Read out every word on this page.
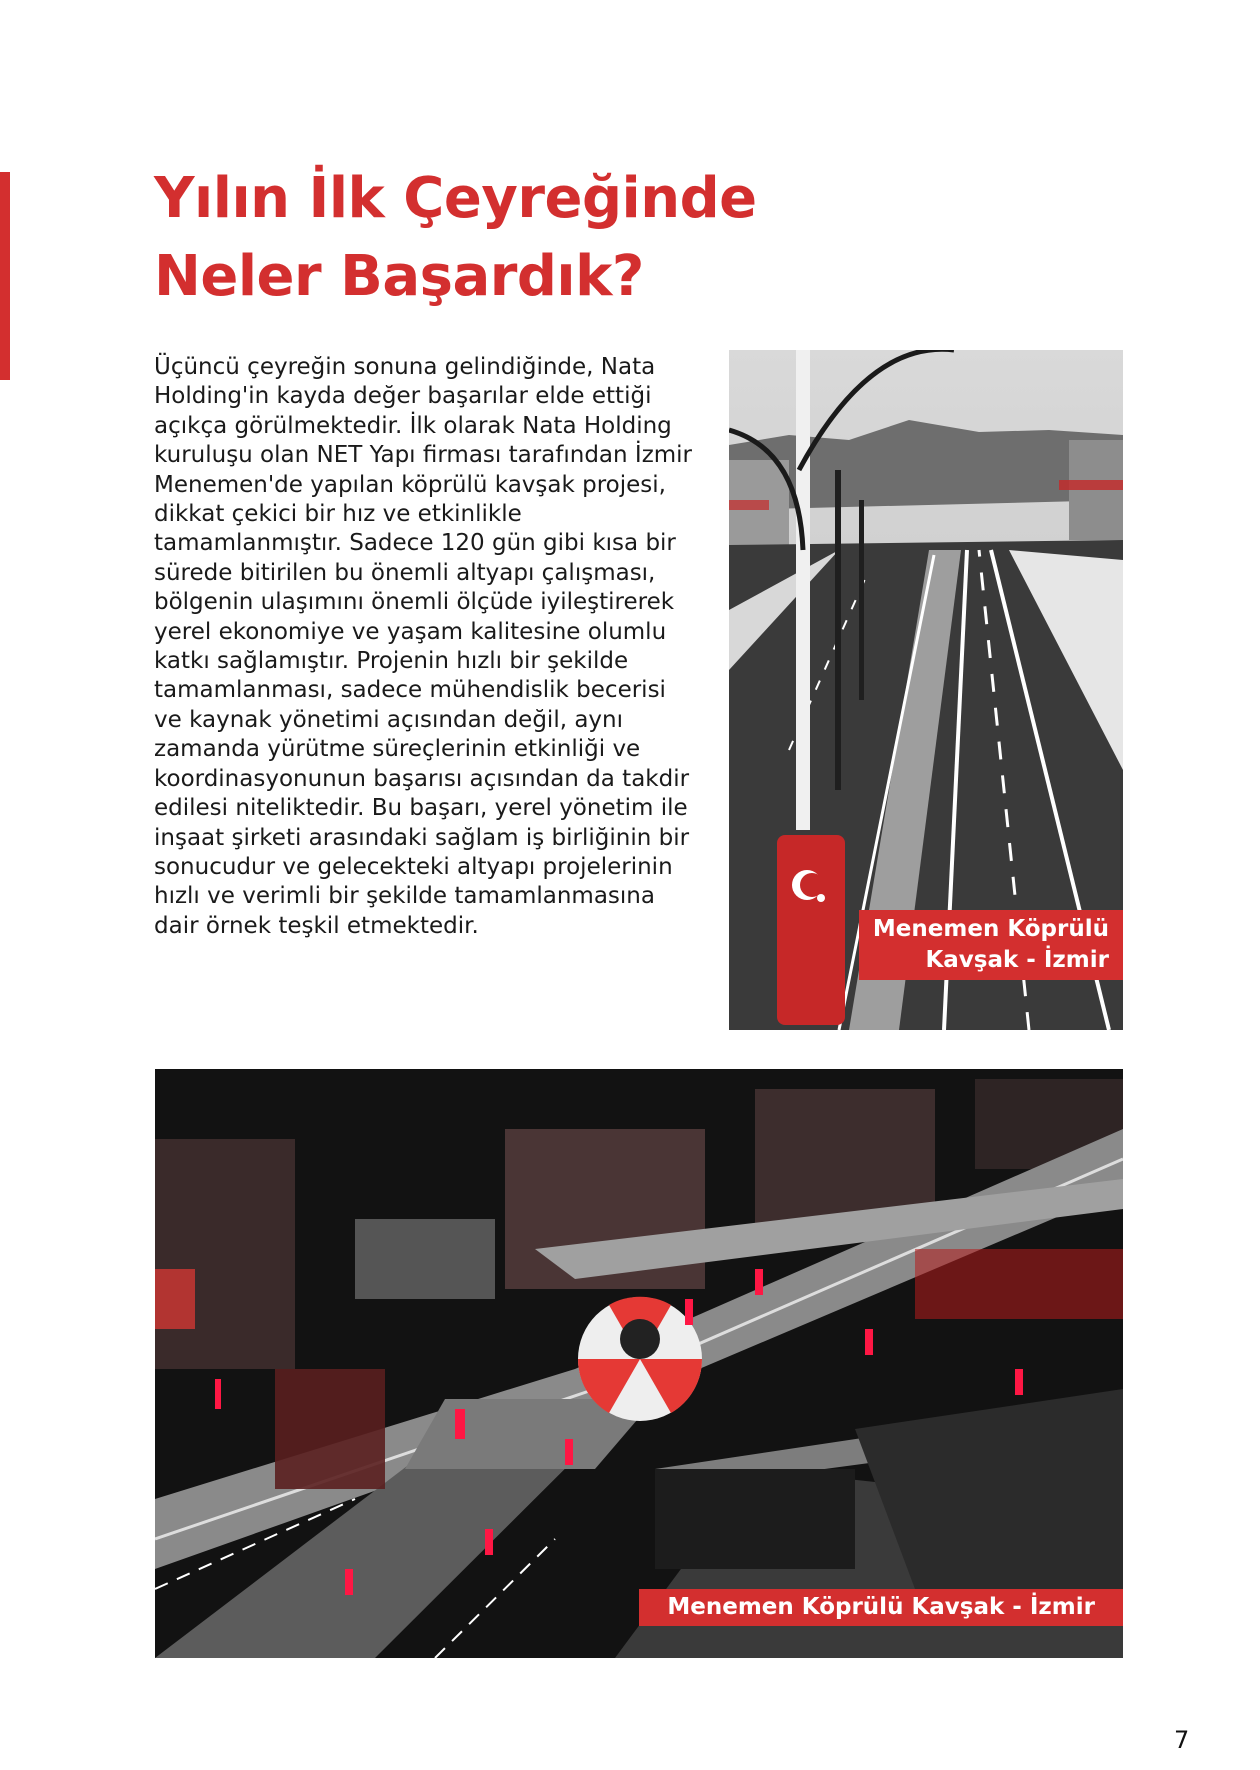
Yılın İlk Çeyreğinde
Neler Başardık?

Üçüncü çeyreğin sonuna gelindiğinde, Nata Holding'in kayda değer başarılar elde ettiği açıkça görülmektedir. İlk olarak Nata Holding kuruluşu olan NET Yapı firması tarafından İzmir Menemen'de yapılan köprülü kavşak projesi, dikkat çekici bir hız ve etkinlikle tamamlanmıştır. Sadece 120 gün gibi kısa bir sürede bitirilen bu önemli altyapı çalışması, bölgenin ulaşımını önemli ölçüde iyileştirerek yerel ekonomiye ve yaşam kalitesine olumlu katkı sağlamıştır. Projenin hızlı bir şekilde tamamlanması, sadece mühendislik becerisi ve kaynak yönetimi açısından değil, aynı zamanda yürütme süreçlerinin etkinliği ve koordinasyonunun başarısı açısından da takdir edilesi niteliktedir. Bu başarı, yerel yönetim ile inşaat şirketi arasındaki sağlam iş birliğinin bir sonucudur ve gelecekteki altyapı projelerinin hızlı ve verimli bir şekilde tamamlanmasına dair örnek teşkil etmektedir.	Menemen Köprülü
Kavşak - İzmir
Menemen Köprülü Kavşak - İzmir
7
